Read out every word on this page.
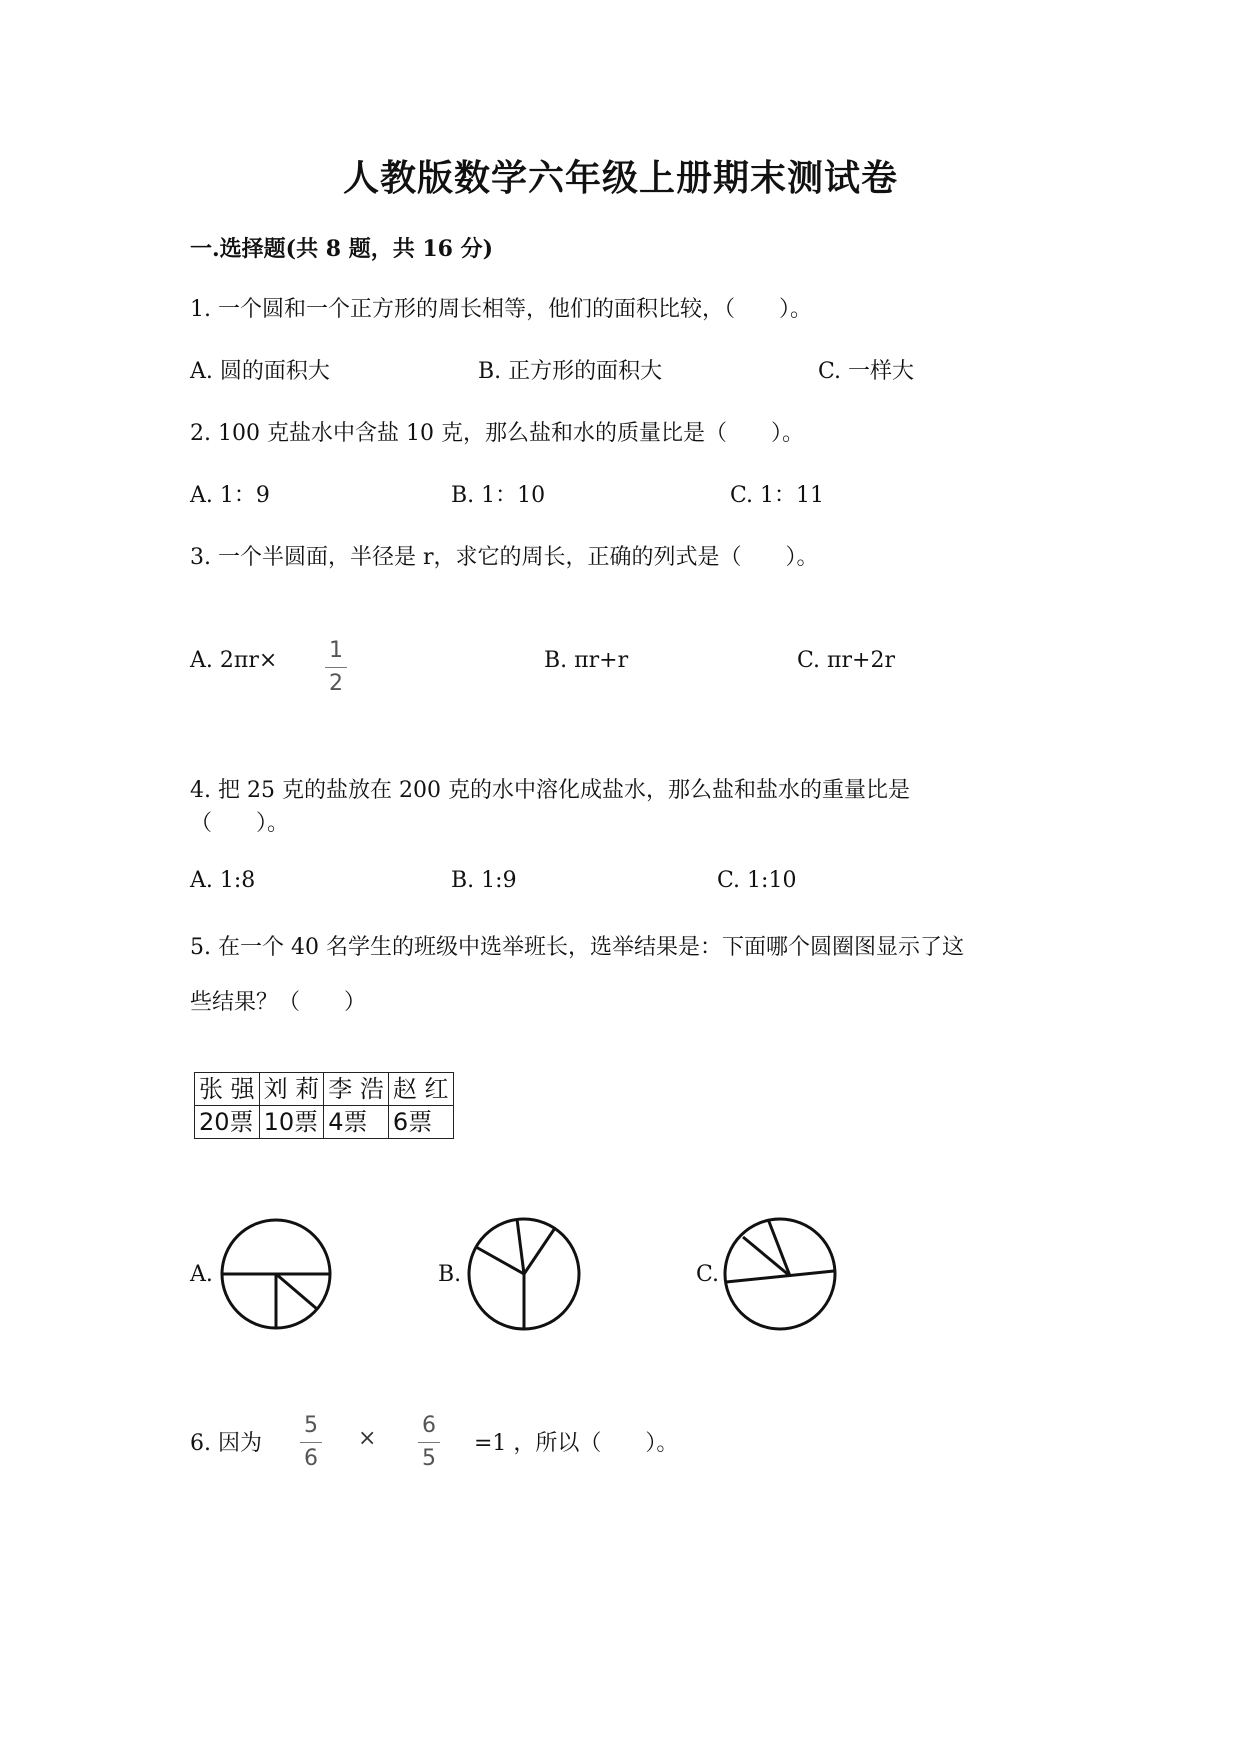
人教版数学六年级上册期末测试卷
一.选择题(共 8 题，共 16 分)
1. 一个圆和一个正方形的周长相等，他们的面积比较，（　　）。
A. 圆的面积大	B. 正方形的面积大	C. 一样大
2. 100 克盐水中含盐 10 克，那么盐和水的质量比是（　　）。
A. 1：9	B. 1：10	C. 1：11
3. 一个半圆面，半径是 r，求它的周长，正确的列式是（　　）。
A. 2πr× 1
2
B. πr+r	C. πr+2r
4. 把 25 克的盐放在 200 克的水中溶化成盐水，那么盐和盐水的重量比是
（　　）。
A. 1:8	B. 1:9	C. 1:10
5. 在一个 40 名学生的班级中选举班长，选举结果是：下面哪个圆圈图显示了这
些结果？（　　）
张 强	刘 莉	李 浩	赵 红
20票	10票	4票	6票
A.	B.	C.
6. 因为
5
6
×
6
5
=1 ，所以（　　）。
